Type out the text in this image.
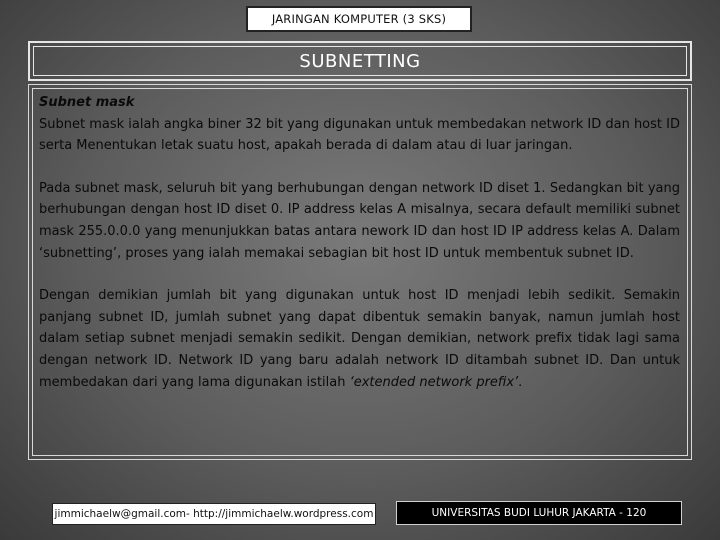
JARINGAN KOMPUTER (3 SKS)
SUBNETTING

Subnet mask
Subnet mask ialah angka biner 32 bit yang digunakan untuk membedakan network ID dan host ID serta Menentukan letak suatu host, apakah berada di dalam atau di luar jaringan.

Pada subnet mask, seluruh bit yang berhubungan dengan network ID diset 1. Sedangkan bit yang berhubungan dengan host ID diset 0. IP address kelas A misalnya, secara default memiliki subnet mask 255.0.0.0 yang menunjukkan batas antara nework ID dan host ID IP address kelas A. Dalam ‘subnetting’, proses yang ialah memakai sebagian bit host ID untuk membentuk subnet ID.

Dengan demikian jumlah bit yang digunakan untuk host ID menjadi lebih sedikit. Semakin panjang subnet ID, jumlah subnet yang dapat dibentuk semakin banyak, namun jumlah host dalam setiap subnet menjadi semakin sedikit. Dengan demikian, network prefix tidak lagi sama dengan network ID. Network ID yang baru adalah network ID ditambah subnet ID. Dan untuk membedakan dari yang lama digunakan istilah ‘extended network prefix’.

jimmichaelw@gmail.com- http://jimmichaelw.wordpress.com	UNIVERSITAS BUDI LUHUR JAKARTA - 120
